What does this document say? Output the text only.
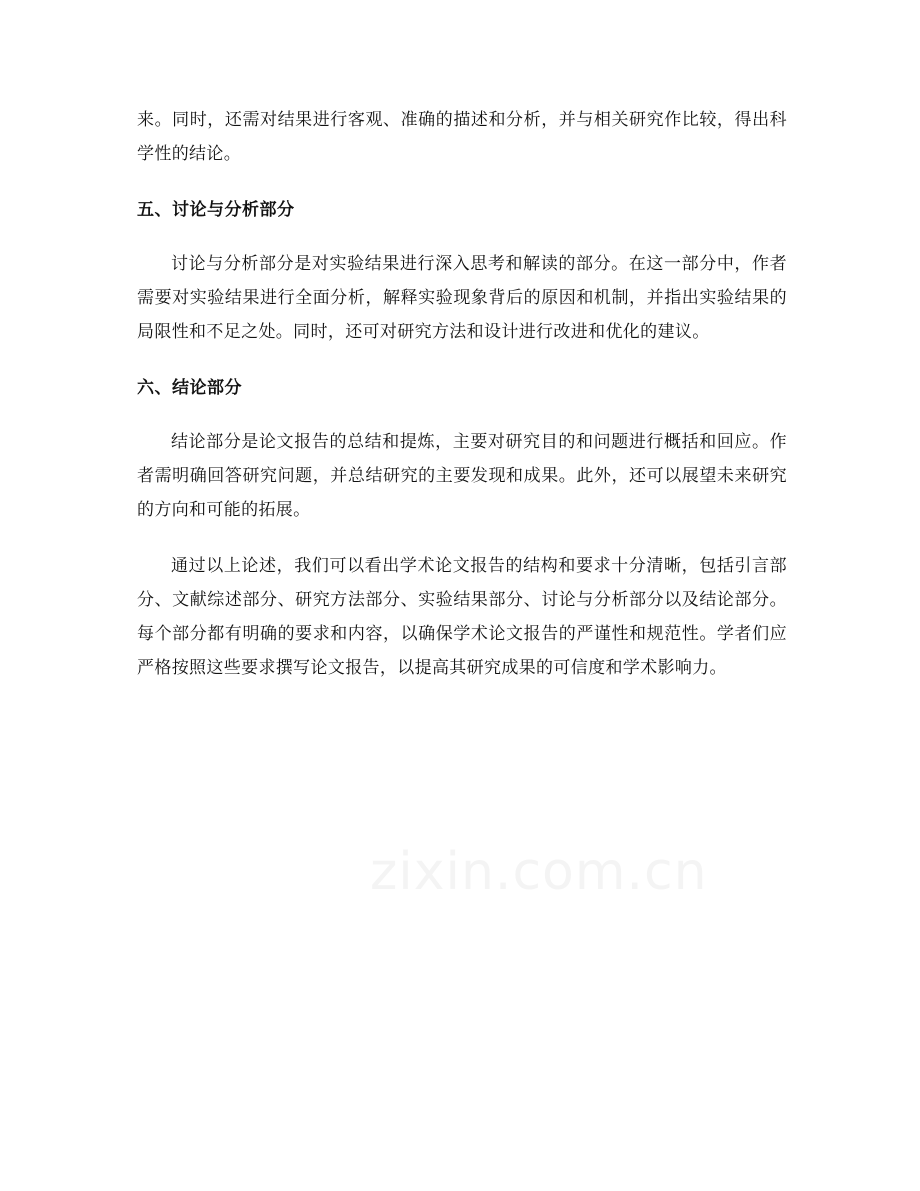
来。同时，还需对结果进行客观、准确的描述和分析，并与相关研究作比较，得出科学性的结论。

五、讨论与分析部分

讨论与分析部分是对实验结果进行深入思考和解读的部分。在这一部分中，作者需要对实验结果进行全面分析，解释实验现象背后的原因和机制，并指出实验结果的局限性和不足之处。同时，还可对研究方法和设计进行改进和优化的建议。

六、结论部分

结论部分是论文报告的总结和提炼，主要对研究目的和问题进行概括和回应。作者需明确回答研究问题，并总结研究的主要发现和成果。此外，还可以展望未来研究的方向和可能的拓展。

通过以上论述，我们可以看出学术论文报告的结构和要求十分清晰，包括引言部分、文献综述部分、研究方法部分、实验结果部分、讨论与分析部分以及结论部分。每个部分都有明确的要求和内容，以确保学术论文报告的严谨性和规范性。学者们应严格按照这些要求撰写论文报告，以提高其研究成果的可信度和学术影响力。

zixin.com.cn
